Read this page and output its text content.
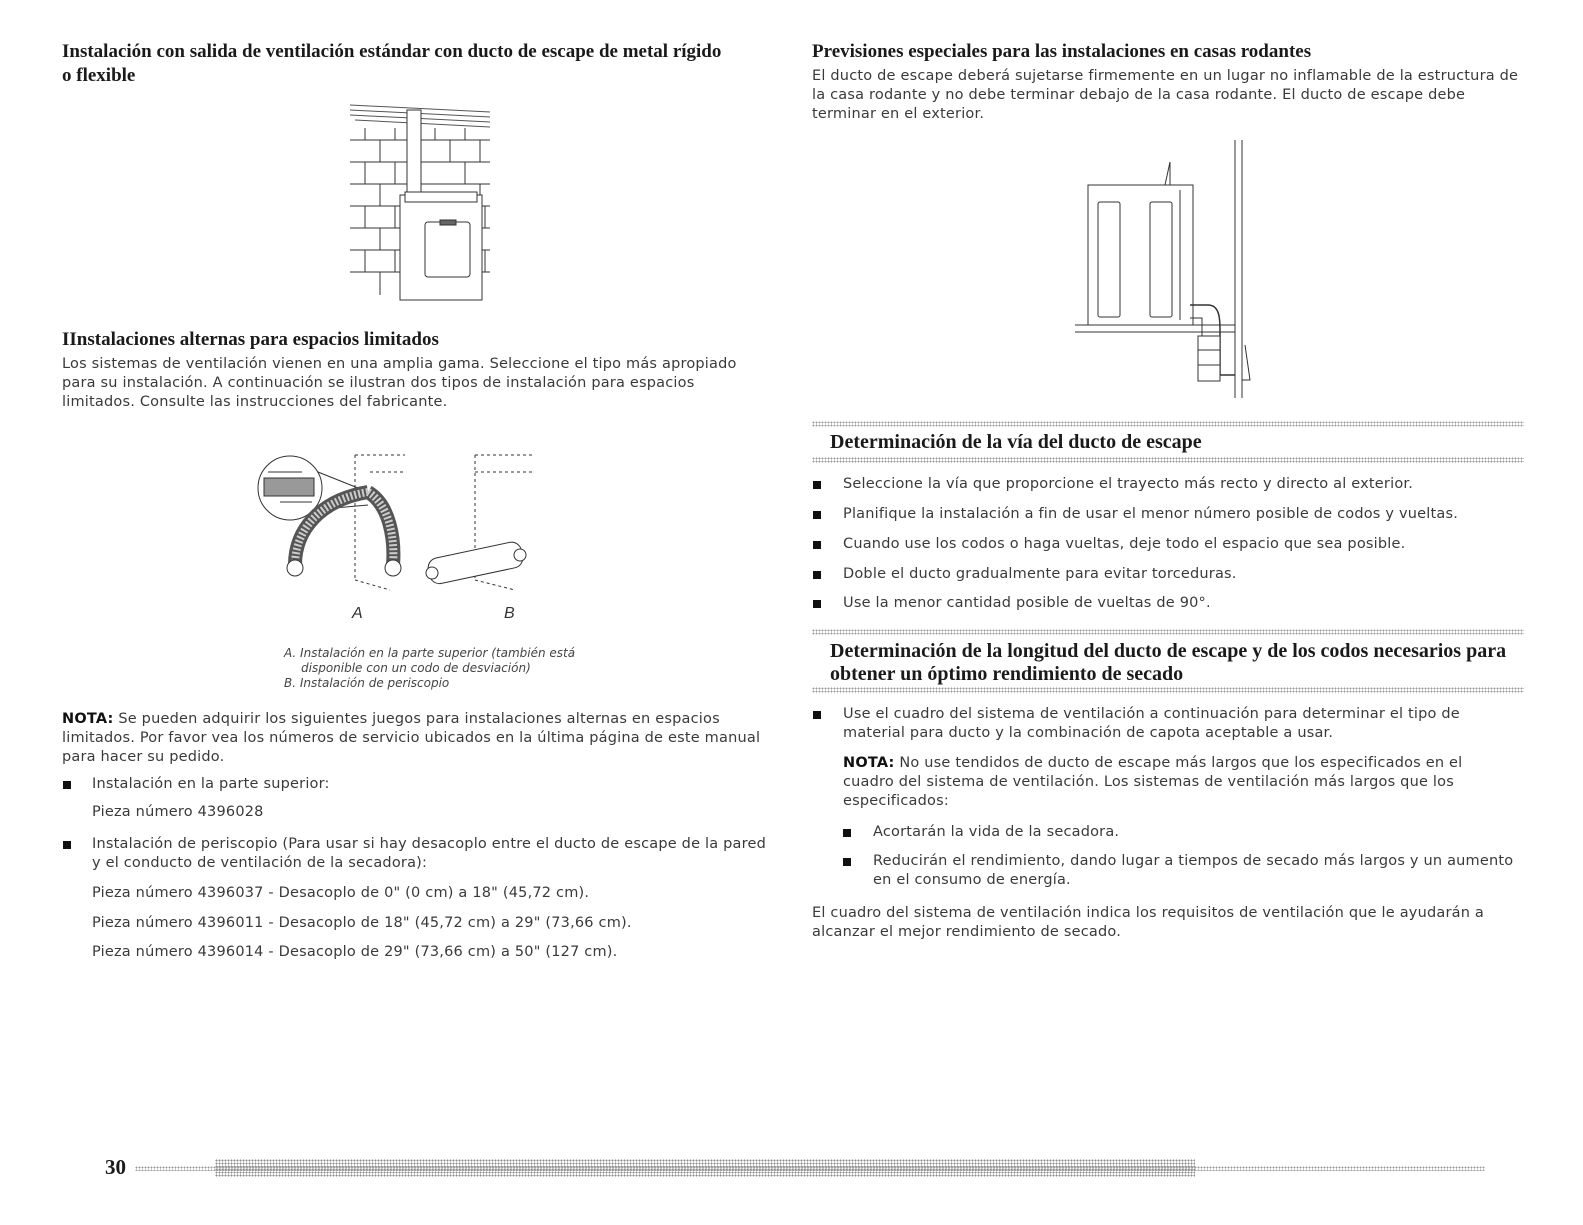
Instalación con salida de ventilación estándar con ducto de escape de metal rígido
o flexible
IInstalaciones alternas para espacios limitados
Los sistemas de ventilación vienen en una amplia gama. Seleccione el tipo más apropiado
para su instalación. A continuación se ilustran dos tipos de instalación para espacios
limitados. Consulte las instrucciones del fabricante.
A	B
A. Instalación en la parte superior (también está
disponible con un codo de desviación)
B. Instalación de periscopio
NOTA: Se pueden adquirir los siguientes juegos para instalaciones alternas en espacios
limitados. Por favor vea los números de servicio ubicados en la última página de este manual
para hacer su pedido.
Instalación en la parte superior:
Pieza número 4396028
Instalación de periscopio (Para usar si hay desacoplo entre el ducto de escape de la pared
y el conducto de ventilación de la secadora):
Pieza número 4396037 - Desacoplo de 0" (0 cm) a 18" (45,72 cm).
Pieza número 4396011 - Desacoplo de 18" (45,72 cm) a 29" (73,66 cm).
Pieza número 4396014 - Desacoplo de 29" (73,66 cm) a 50" (127 cm).
30
Previsiones especiales para las instalaciones en casas rodantes
El ducto de escape deberá sujetarse firmemente en un lugar no inflamable de la estructura de
la casa rodante y no debe terminar debajo de la casa rodante. El ducto de escape debe
terminar en el exterior.
Determinación de la vía del ducto de escape
Seleccione la vía que proporcione el trayecto más recto y directo al exterior.
Planifique la instalación a fin de usar el menor número posible de codos y vueltas.
Cuando use los codos o haga vueltas, deje todo el espacio que sea posible.
Doble el ducto gradualmente para evitar torceduras.
Use la menor cantidad posible de vueltas de 90°.
Determinación de la longitud del ducto de escape y de los codos necesarios para
obtener un óptimo rendimiento de secado
Use el cuadro del sistema de ventilación a continuación para determinar el tipo de
material para ducto y la combinación de capota aceptable a usar.
NOTA: No use tendidos de ducto de escape más largos que los especificados en el
cuadro del sistema de ventilación. Los sistemas de ventilación más largos que los
especificados:
Acortarán la vida de la secadora.
Reducirán el rendimiento, dando lugar a tiempos de secado más largos y un aumento
en el consumo de energía.
El cuadro del sistema de ventilación indica los requisitos de ventilación que le ayudarán a
alcanzar el mejor rendimiento de secado.
